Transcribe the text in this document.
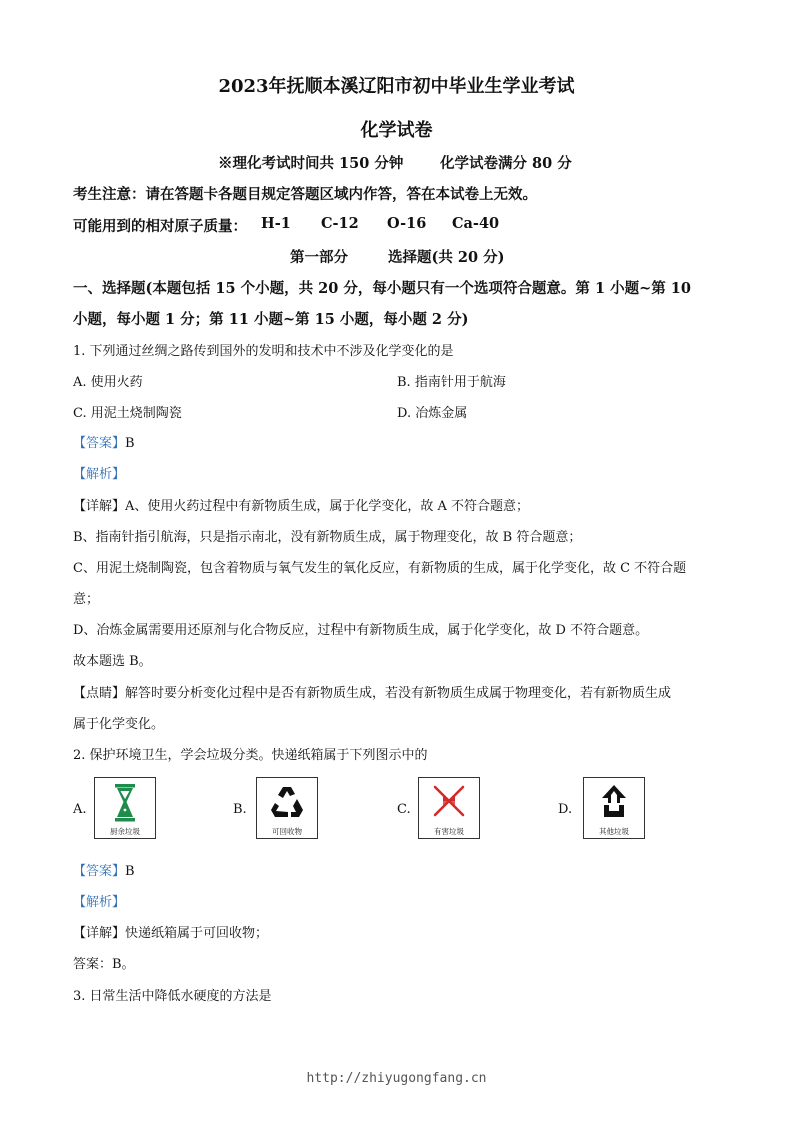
2023年抚顺本溪辽阳市初中毕业生学业考试
化学试卷
※理化考试时间共 150 分钟	化学试卷满分 80 分
考生注意：请在答题卡各题目规定答题区域内作答，答在本试卷上无效。
可能用到的相对原子质量： H-1 C-12 O-16 Ca-40
第一部分	选择题(共 20 分)
一、选择题(本题包括 15 个小题，共 20 分，每小题只有一个选项符合题意。第 1 小题~第 10
小题，每小题 1 分；第 11 小题~第 15 小题，每小题 2 分)
1. 下列通过丝绸之路传到国外的发明和技术中不涉及化学变化的是
A. 使用火药	B. 指南针用于航海
C. 用泥土烧制陶瓷	D. 冶炼金属
【答案】B
【解析】
【详解】A、使用火药过程中有新物质生成，属于化学变化，故 A 不符合题意；
B、指南针指引航海，只是指示南北，没有新物质生成，属于物理变化，故 B 符合题意；
C、用泥土烧制陶瓷，包含着物质与氧气发生的氧化反应，有新物质的生成，属于化学变化，故 C 不符合题
意；
D、冶炼金属需要用还原剂与化合物反应，过程中有新物质生成，属于化学变化，故 D 不符合题意。
故本题选 B。
【点睛】解答时要分析变化过程中是否有新物质生成，若没有新物质生成属于物理变化，若有新物质生成
属于化学变化。
2. 保护环境卫生，学会垃圾分类。快递纸箱属于下列图示中的
A.
厨余垃圾
B.
可回收物
C.
有害垃圾
D.
其他垃圾
【答案】B
【解析】
【详解】快递纸箱属于可回收物；
答案：B。
3. 日常生活中降低水硬度的方法是
http://zhiyugongfang.cn
